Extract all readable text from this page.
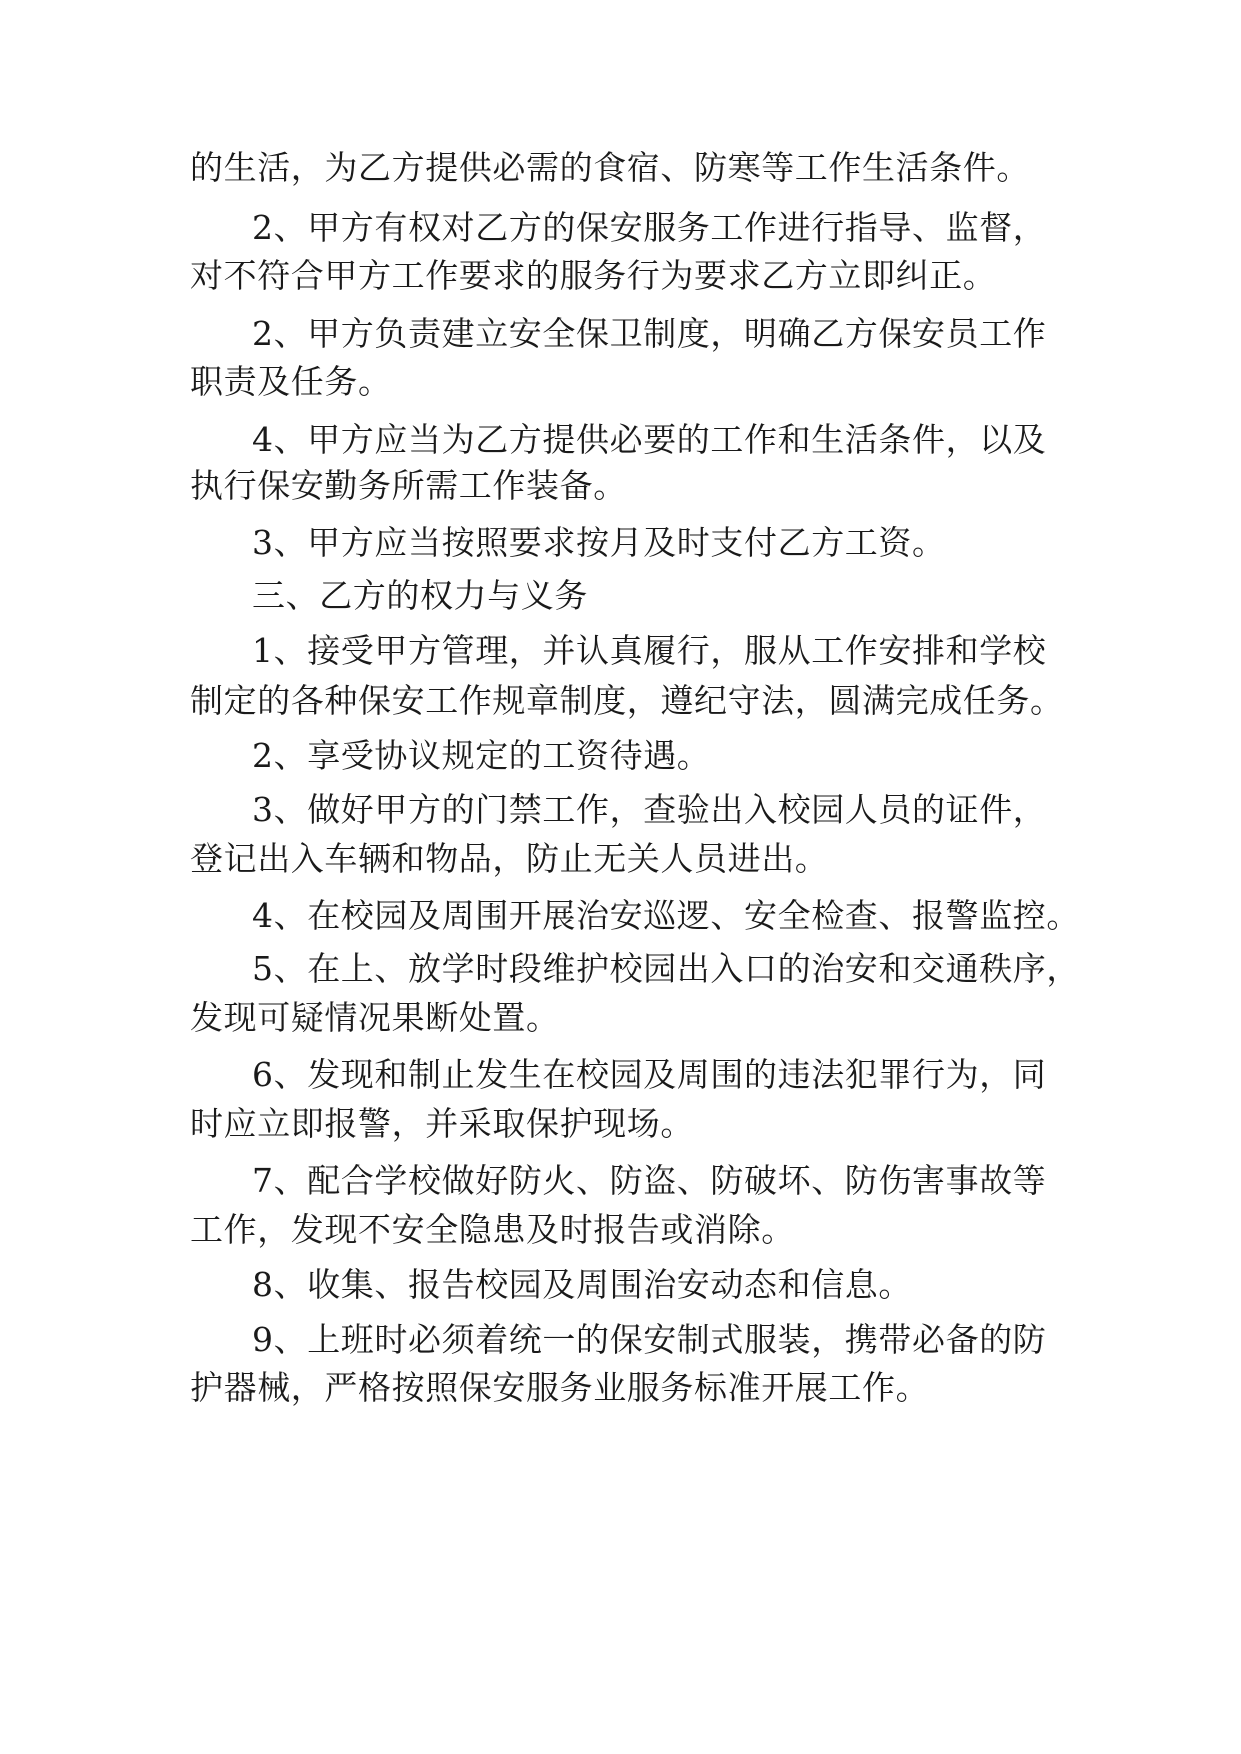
的生活，为乙方提供必需的食宿、防寒等工作生活条件。
2、甲方有权对乙方的保安服务工作进行指导、监督，
对不符合甲方工作要求的服务行为要求乙方立即纠正。
2、甲方负责建立安全保卫制度，明确乙方保安员工作
职责及任务。
4、甲方应当为乙方提供必要的工作和生活条件，以及
执行保安勤务所需工作装备。
3、甲方应当按照要求按月及时支付乙方工资。
三、乙方的权力与义务
1、接受甲方管理，并认真履行，服从工作安排和学校
制定的各种保安工作规章制度，遵纪守法，圆满完成任务。
2、享受协议规定的工资待遇。
3、做好甲方的门禁工作，查验出入校园人员的证件，
登记出入车辆和物品，防止无关人员进出。
4、在校园及周围开展治安巡逻、安全检查、报警监控。
5、在上、放学时段维护校园出入口的治安和交通秩序，
发现可疑情况果断处置。
6、发现和制止发生在校园及周围的违法犯罪行为，同
时应立即报警，并采取保护现场。
7、配合学校做好防火、防盗、防破坏、防伤害事故等
工作，发现不安全隐患及时报告或消除。
8、收集、报告校园及周围治安动态和信息。
9、上班时必须着统一的保安制式服装，携带必备的防
护器械，严格按照保安服务业服务标准开展工作。
